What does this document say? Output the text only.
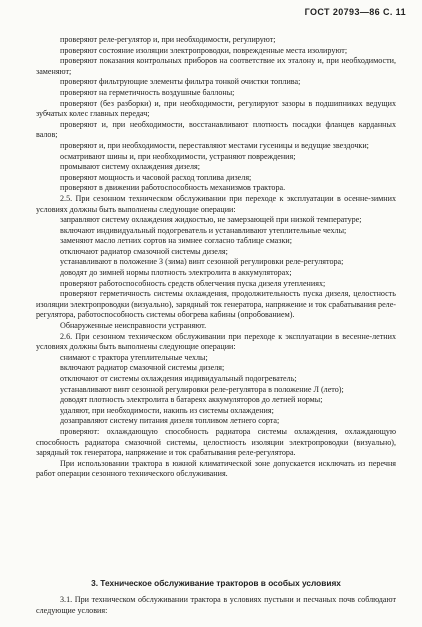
ГОСТ 20793—86 С. 11

проверяют реле-регулятор и, при необходимости, регулируют;

проверяют состояние изоляции электропроводки, поврежденные места изолируют;

проверяют показания контрольных приборов на соответствие их эталону и, при необходимости, заменяют;

проверяют фильтрующие элементы фильтра тонкой очистки топлива;

проверяют на герметичность воздушные баллоны;

проверяют (без разборки) и, при необходимости, регулируют зазоры в подшипниках ведущих зубчатых колес главных передач;

проверяют и, при необходимости, восстанавливают плотность посадки фланцев карданных валов;

проверяют и, при необходимости, переставляют местами гусеницы и ведущие звездочки;

осматривают шины и, при необходимости, устраняют повреждения;

промывают систему охлаждения дизеля;

проверяют мощность и часовой расход топлива дизеля;

проверяют в движении работоспособность механизмов трактора.

2.5. При сезонном техническом обслуживании при переходе к эксплуатации в осенне-зимних условиях должны быть выполнены следующие операции:

заправляют систему охлаждения жидкостью, не замерзающей при низкой температуре;

включают индивидуальный подогреватель и устанавливают утеплительные чехлы;

заменяют масло летних сортов на зимнее согласно таблице смазки;

отключают радиатор смазочной системы дизеля;

устанавливают в положение З (зима) винт сезонной регулировки реле-регулятора;

доводят до зимней нормы плотность электролита в аккумуляторах;

проверяют работоспособность средств облегчения пуска дизеля утеплениях;

проверяют герметичность системы охлаждения, продолжительность пуска дизеля, целостность изоляции электропроводки (визуально), зарядный ток генератора, напряжение и ток срабатывания реле-регулятора, работоспособность системы обогрева кабины (опробованием).

Обнаруженные неисправности устраняют.

2.6. При сезонном техническом обслуживании при переходе к эксплуатации в весенне-летних условиях должны быть выполнены следующие операции:

снимают с трактора утеплительные чехлы;

включают радиатор смазочной системы дизеля;

отключают от системы охлаждения индивидуальный подогреватель;

устанавливают винт сезонной регулировки реле-регулятора в положение Л (лето);

доводят плотность электролита в батареях аккумуляторов до летней нормы;

удаляют, при необходимости, накипь из системы охлаждения;

дозаправляют систему питания дизеля топливом летнего сорта;

проверяют: охлаждающую способность радиатора системы охлаждения, охлаждающую способность радиатора смазочной системы, целостность изоляции электропроводки (визуально), зарядный ток генератора, напряжение и ток срабатывания реле-регулятора.

При использовании трактора в южной климатической зоне допускается исключать из перечня работ операции сезонного технического обслуживания.

3. Техническое обслуживание тракторов в особых условиях

3.1. При техническом обслуживании трактора в условиях пустыни и песчаных почв соблюдают следующие условия:
